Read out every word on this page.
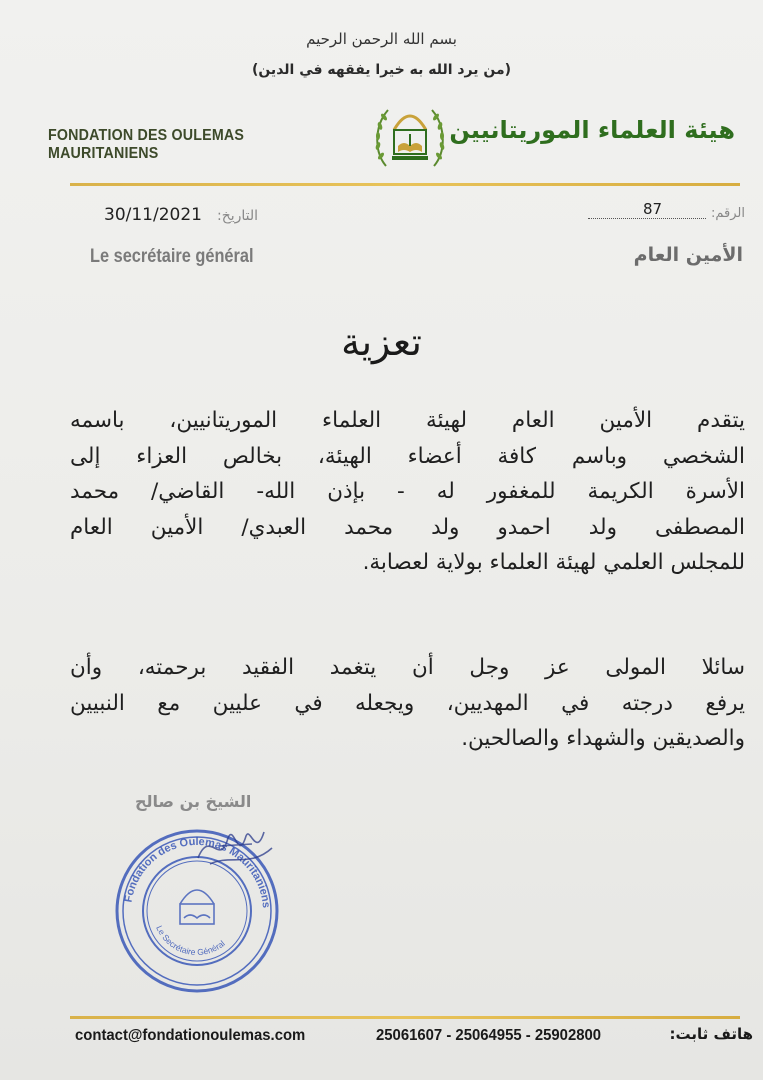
بسم الله الرحمن الرحيم
(من يرد الله به خيرا يفقهه في الدين)
FONDATION DES OULEMAS MAURITANIENS
هيئة العلماء الموريتانيين
30/11/2021 التاريخ:	87	الرقم:
Le secrétaire général	الأمين العام
تعزية
يتقدم الأمين العام لهيئة العلماء الموريتانيين، باسمه
الشخصي وباسم كافة أعضاء الهيئة، بخالص العزاء إلى
الأسرة الكريمة للمغفور له - بإذن الله- القاضي/ محمد
المصطفى ولد احمدو ولد محمد العبدي/ الأمين العام
للمجلس العلمي لهيئة العلماء بولاية لعصابة.
سائلا المولى عز وجل أن يتغمد الفقيد برحمته، وأن
يرفع درجته في المهديين، ويجعله في عليين مع النبيين
والصديقين والشهداء والصالحين.
الشيخ بن صالح
Fondation des Oulemas Mauritaniens
Le Secrétaire Général
contact@fondationoulemas.com	25061607 - 25064955 - 25902800	هاتف ثابت:
